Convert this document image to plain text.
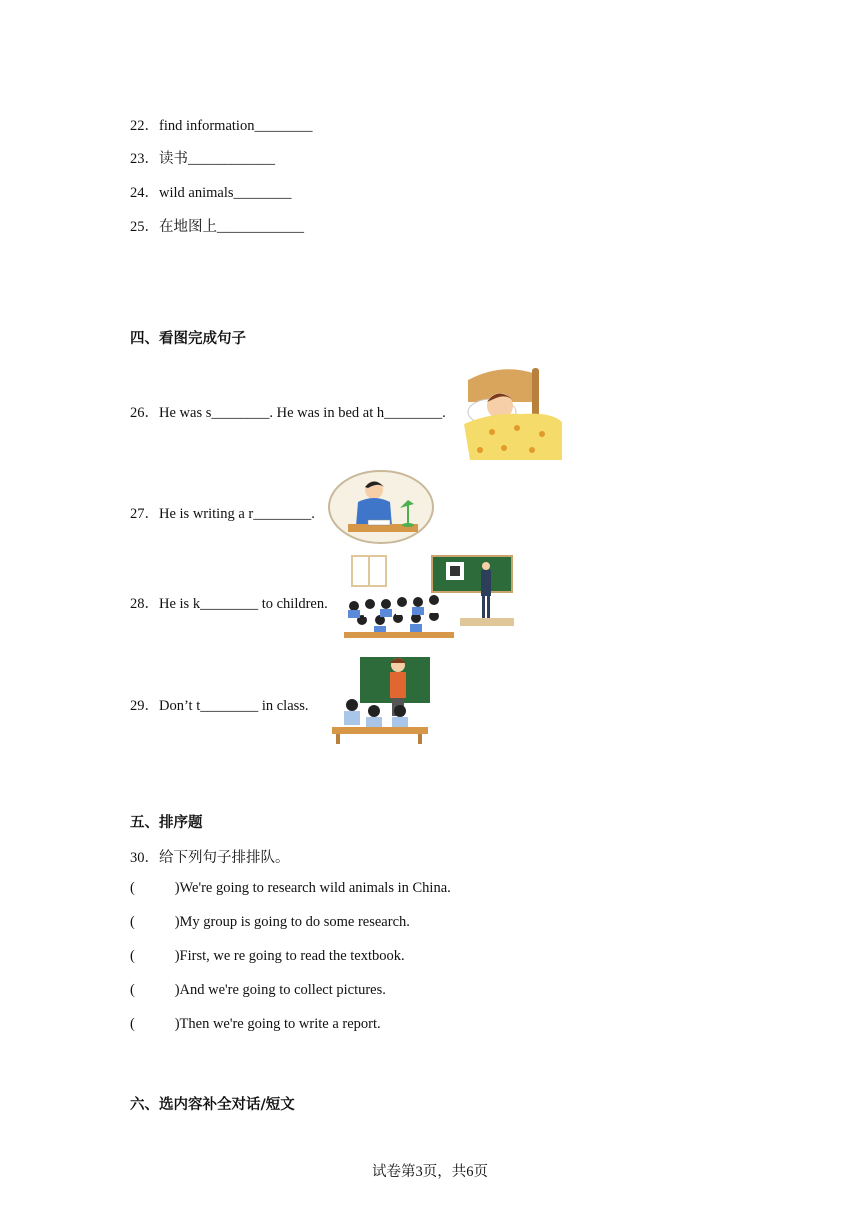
22．find information________
23．读书____________
24．wild animals________
25．在地图上____________
四、看图完成句子
26．He was s________. He was in bed at h________.
27．He is writing a r________.
28．He is k________ to children.
29．Don’t t________ in class.
五、排序题
30．给下列句子排排队。
(           )We're going to research wild animals in China.
(           )My group is going to do some research.
(           )First, we re going to read the textbook.
(           )And we're going to collect pictures.
(           )Then we're going to write a report.
六、选内容补全对话/短文
试卷第3页，共6页
